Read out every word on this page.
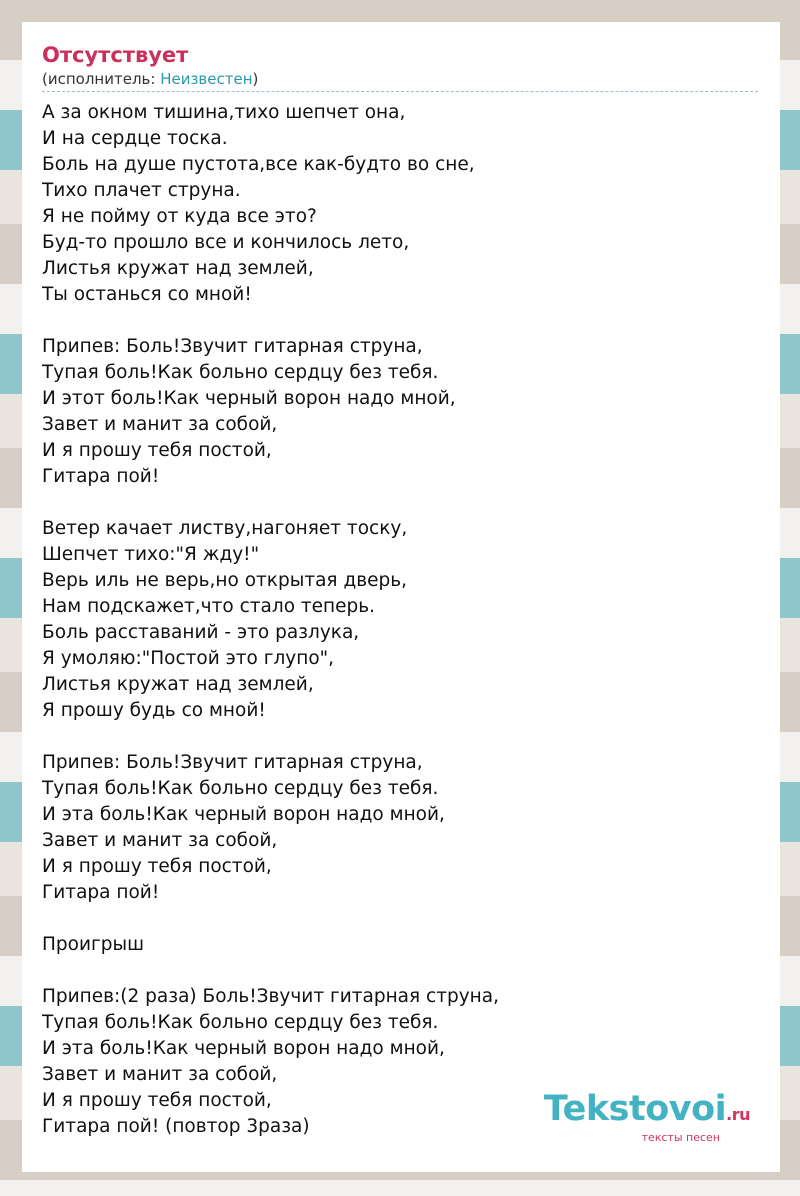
Отсутствует
(исполнитель: Неизвестен)
А за окном тишина,тихо шепчет она,
И на сердце тоска.
Боль на душе пустота,все как-будто во сне,
Тихо плачет струна.
Я не пойму от куда все это?
Буд-то прошло все и кончилось лето,
Листья кружат над землей,
Ты останься со мной!
Припев: Боль!Звучит гитарная струна,
Тупая боль!Как больно сердцу без тебя.
И этот боль!Как черный ворон надо мной,
Завет и манит за собой,
И я прошу тебя постой,
Гитара пой!
Ветер качает листву,нагоняет тоску,
Шепчет тихо:"Я жду!"
Верь иль не верь,но открытая дверь,
Нам подскажет,что стало теперь.
Боль расставаний - это разлука,
Я умоляю:"Постой это глупо",
Листья кружат над землей,
Я прошу будь со мной!
Припев: Боль!Звучит гитарная струна,
Тупая боль!Как больно сердцу без тебя.
И эта боль!Как черный ворон надо мной,
Завет и манит за собой,
И я прошу тебя постой,
Гитара пой!
Проигрыш
Припев:(2 раза) Боль!Звучит гитарная струна,
Тупая боль!Как больно сердцу без тебя.
И эта боль!Как черный ворон надо мной,
Завет и манит за собой,
И я прошу тебя постой,
Гитара пой! (повтор 3раза)	Tekstovoi.ru
тексты песен
